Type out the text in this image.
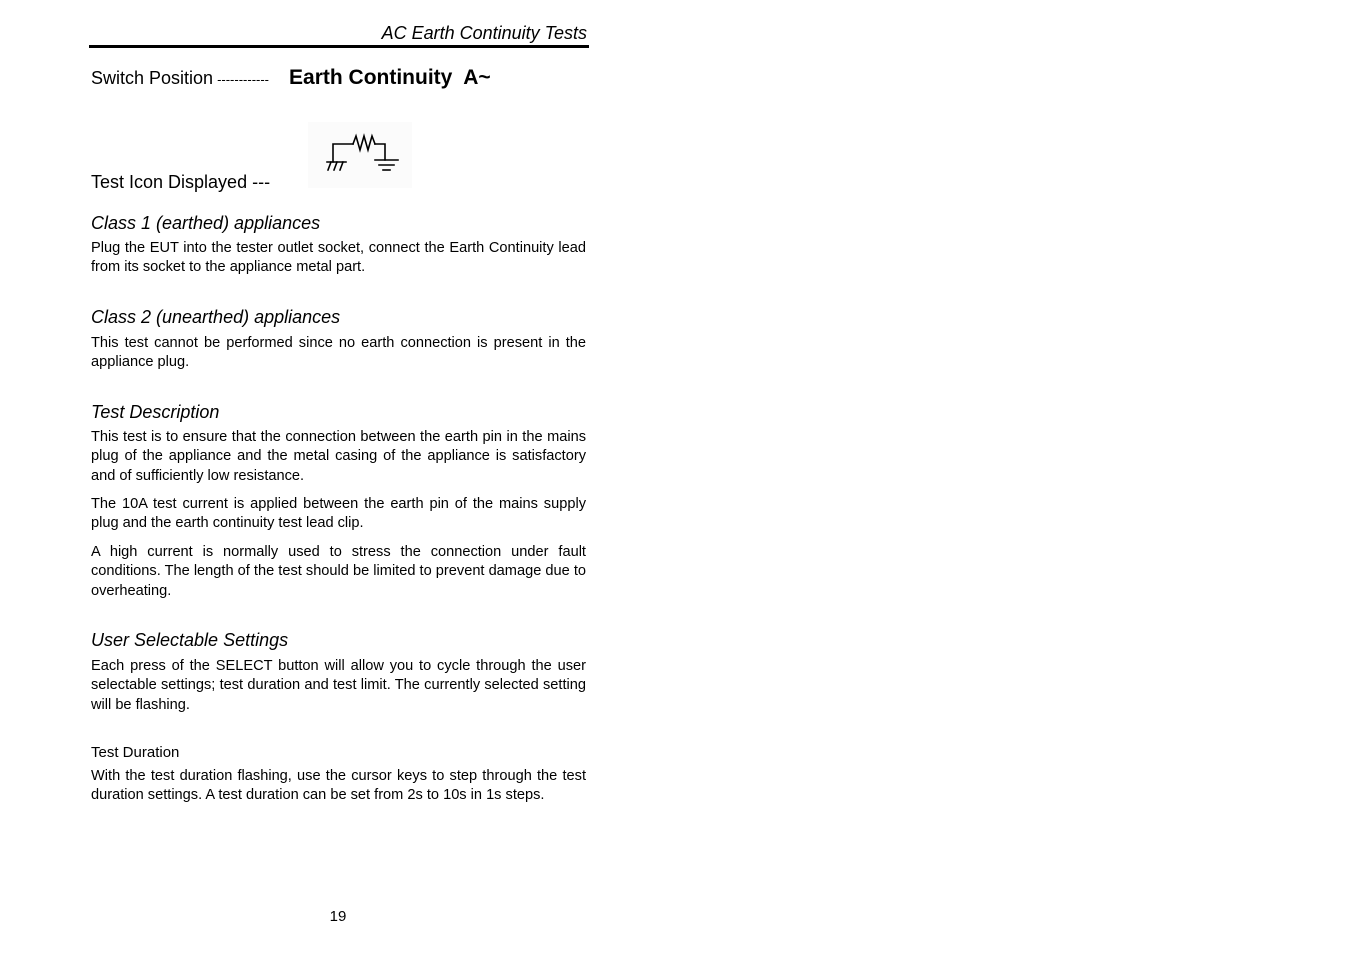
AC Earth Continuity Tests
Switch Position ------------ Earth Continuity  A~
Test Icon Displayed ---
Class 1 (earthed) appliances
Plug the EUT into the tester outlet socket, connect the Earth Continuity lead from its socket to the appliance metal part.
Class 2 (unearthed) appliances
This test cannot be performed since no earth connection is present in the appliance plug.
Test Description
This test is to ensure that the connection between the earth pin in the mains plug of the appliance and the metal casing of the appliance is satisfactory and of sufficiently low resistance.
The 10A test current is applied between the earth pin of the mains supply plug and the earth continuity test lead clip.
A high current is normally used to stress the connection under fault conditions. The length of the test should be limited to prevent damage due to overheating.
User Selectable Settings
Each press of the SELECT button will allow you to cycle through the user selectable settings; test duration and test limit. The currently selected setting will be flashing.
Test Duration
With the test duration flashing, use the cursor keys to step through the test duration settings. A test duration can be set from 2s to 10s in 1s steps.
19
